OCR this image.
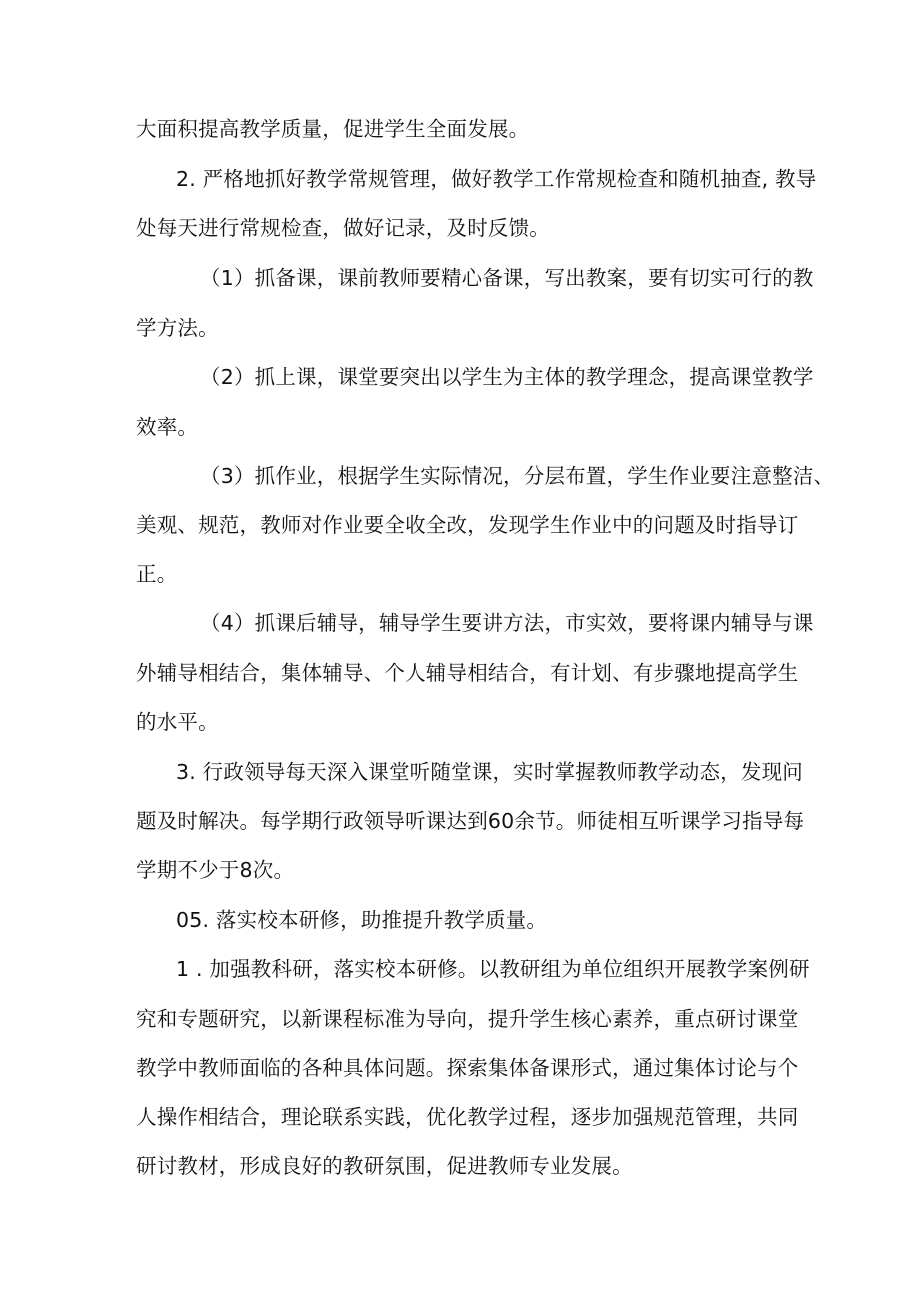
大面积提高教学质量，促进学生全面发展。

2. 严格地抓好教学常规管理，做好教学工作常规检查和随机抽查, 教导

处每天进行常规检查，做好记录，及时反馈。

（1）抓备课，课前教师要精心备课，写出教案，要有切实可行的教

学方法。

（2）抓上课，课堂要突出以学生为主体的教学理念，提高课堂教学

效率。

（3）抓作业，根据学生实际情况，分层布置，学生作业要注意整洁、

美观、规范，教师对作业要全收全改，发现学生作业中的问题及时指导订

正。

（4）抓课后辅导，辅导学生要讲方法，市实效，要将课内辅导与课

外辅导相结合，集体辅导、个人辅导相结合，有计划、有步骤地提高学生

的水平。

3. 行政领导每天深入课堂听随堂课，实时掌握教师教学动态，发现问

题及时解决。每学期行政领导听课达到60余节。师徒相互听课学习指导每

学期不少于8次。

05. 落实校本研修，助推提升教学质量。

1 . 加强教科研，落实校本研修。以教研组为单位组织开展教学案例研

究和专题研究，以新课程标准为导向，提升学生核心素养，重点研讨课堂

教学中教师面临的各种具体问题。探索集体备课形式，通过集体讨论与个

人操作相结合，理论联系实践，优化教学过程，逐步加强规范管理，共同

研讨教材，形成良好的教研氛围，促进教师专业发展。
